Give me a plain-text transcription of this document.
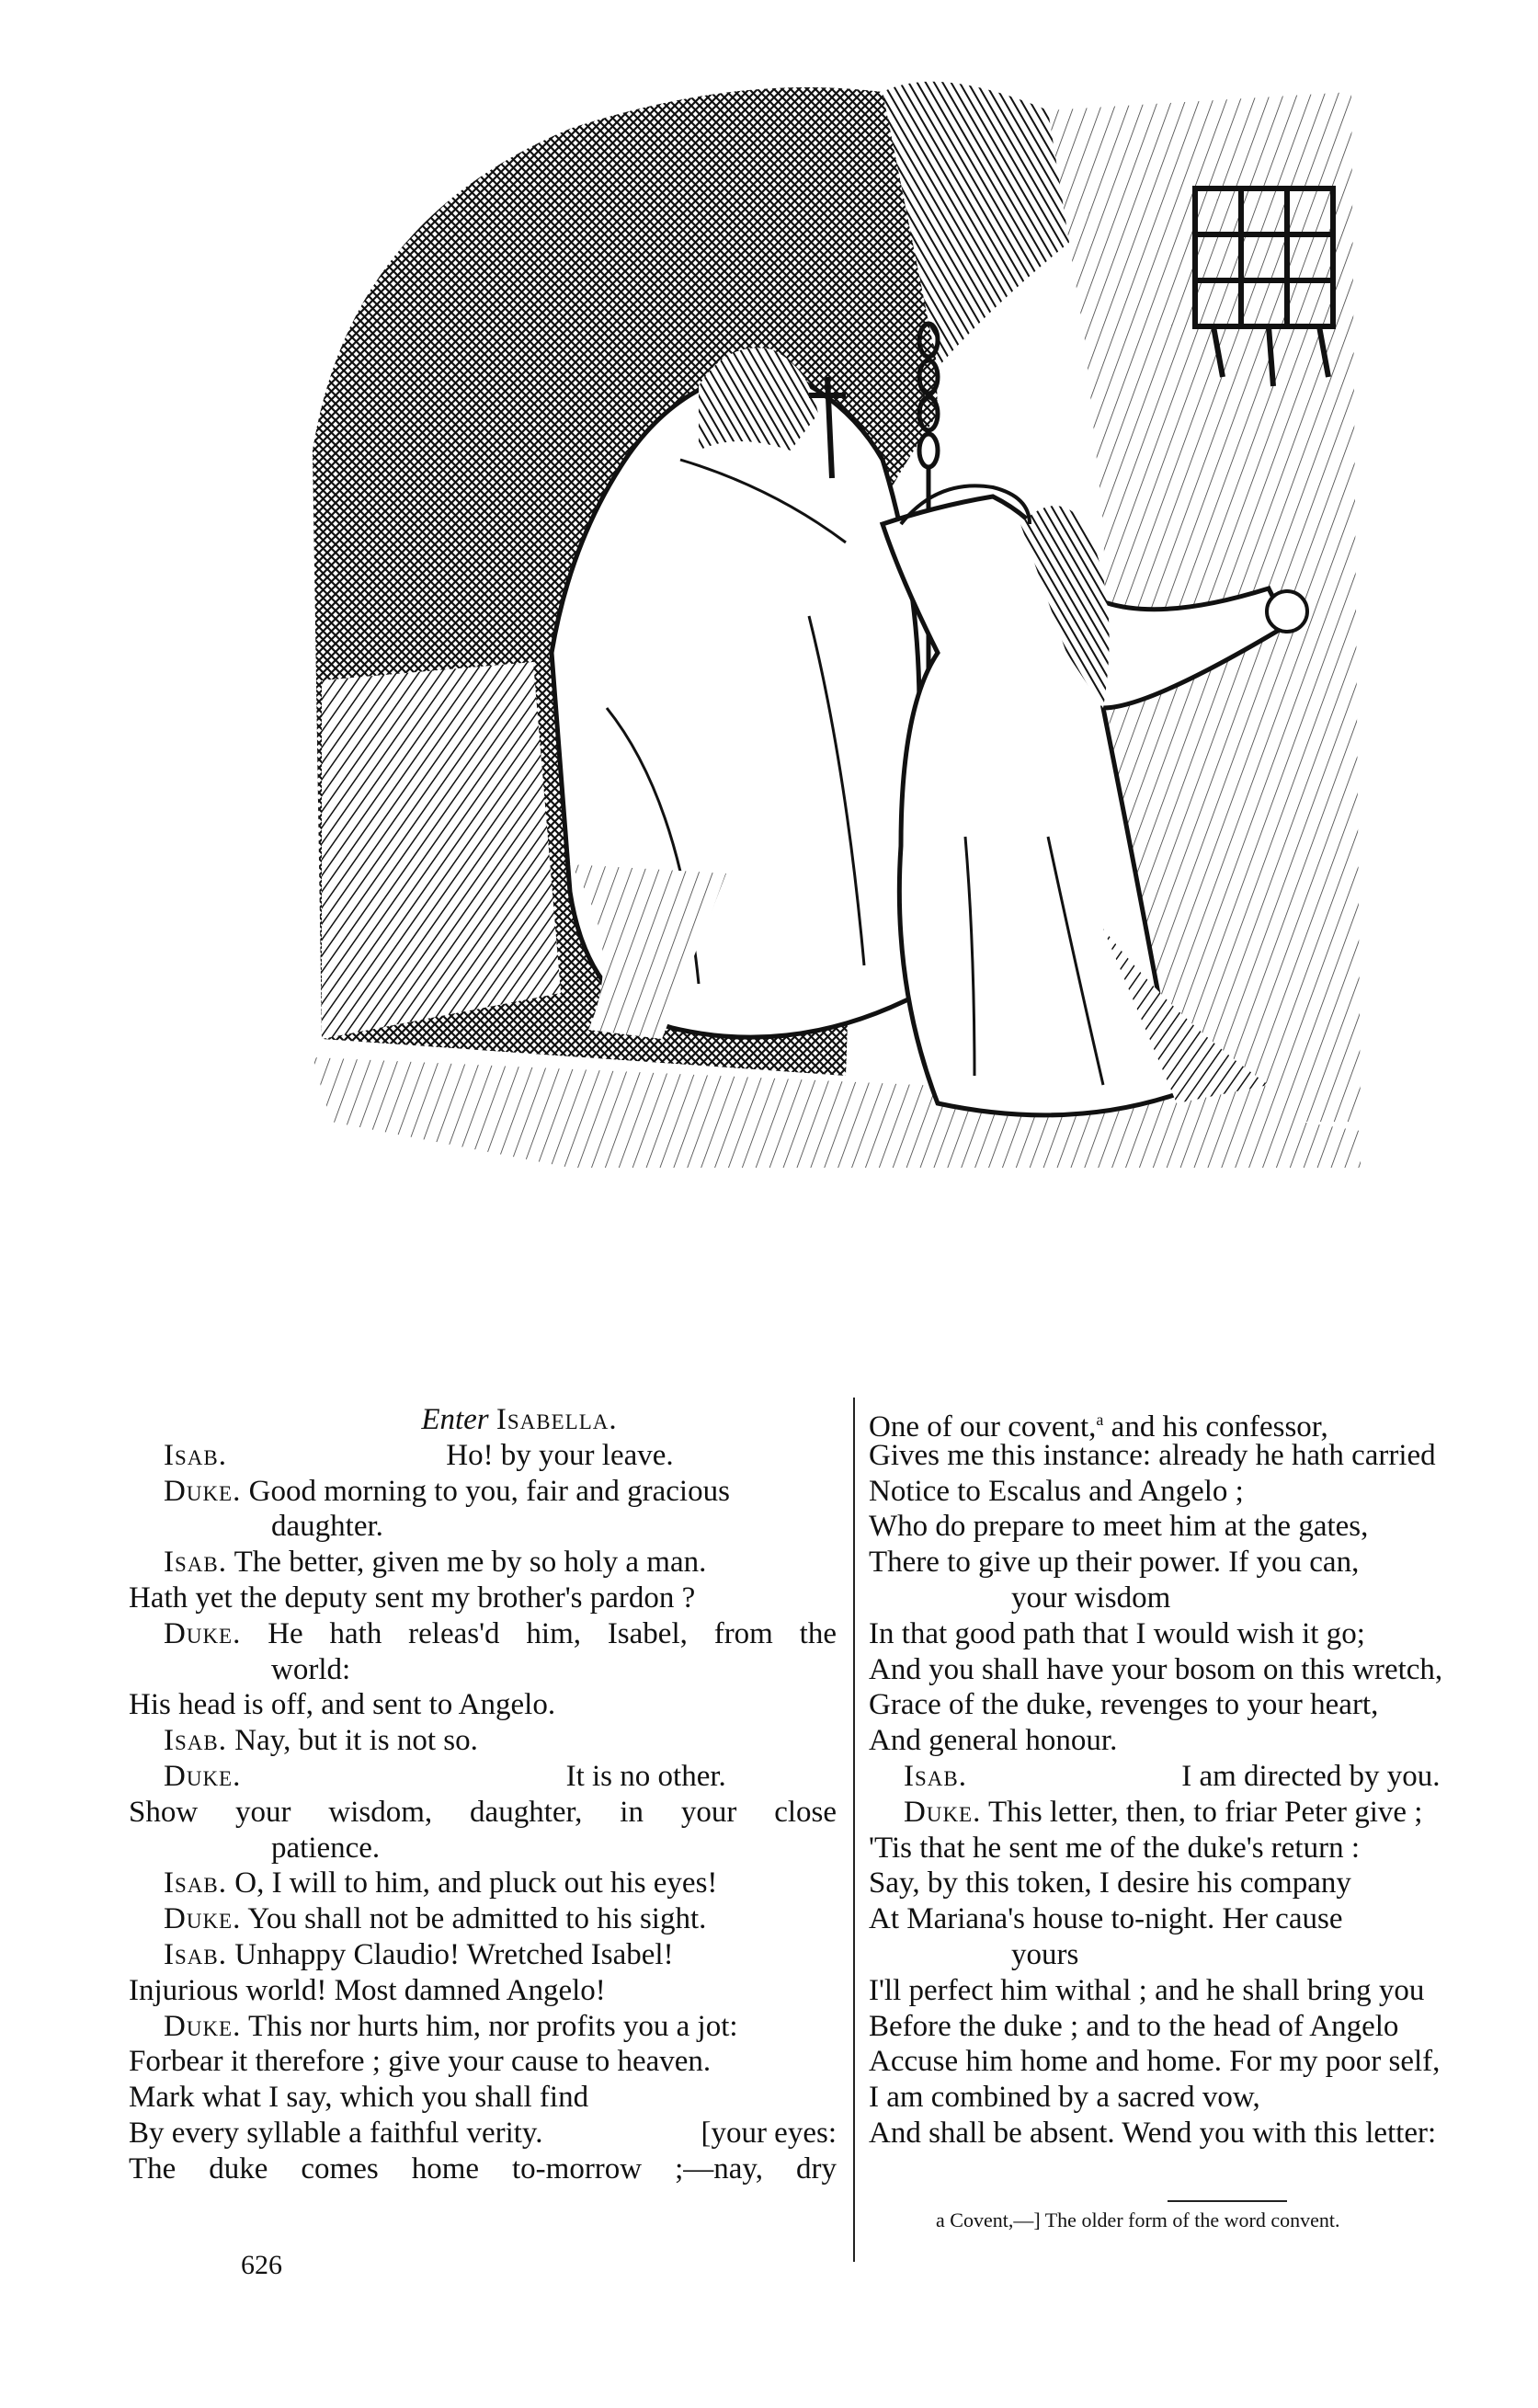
Enter Isabella.
Isab.	Ho! by your leave.
Duke. Good morning to you, fair and gracious
daughter.
Isab. The better, given me by so holy a man.
Hath yet the deputy sent my brother's pardon ?
Duke. He hath releas'd him, Isabel, from the
world:
His head is off, and sent to Angelo.
Isab. Nay, but it is not so.
Duke.	It is no other.
Show your wisdom, daughter, in your close
patience.
Isab. O, I will to him, and pluck out his eyes!
Duke. You shall not be admitted to his sight.
Isab. Unhappy Claudio! Wretched Isabel!
Injurious world! Most damned Angelo!
Duke. This nor hurts him, nor profits you a jot:
Forbear it therefore ; give your cause to heaven.
Mark what I say, which you shall find
By every syllable a faithful verity.	[your eyes:
The duke comes home to-morrow ;—nay, dry
One of our covent,$^a$ and his confessor,
Gives me this instance: already he hath carried
Notice to Escalus and Angelo ;
Who do prepare to meet him at the gates,
There to give up their power. If you can,
your wisdom
In that good path that I would wish it go;
And you shall have your bosom on this wretch,
Grace of the duke, revenges to your heart,
And general honour.
Isab.	I am directed by you.
Duke. This letter, then, to friar Peter give ;
'Tis that he sent me of the duke's return :
Say, by this token, I desire his company
At Mariana's house to-night. Her cause
yours
I'll perfect him withal ; and he shall bring you
Before the duke ; and to the head of Angelo
Accuse him home and home. For my poor self,
I am combined by a sacred vow,
And shall be absent. Wend you with this letter:
a Covent,—] The older form of the word convent.
626
